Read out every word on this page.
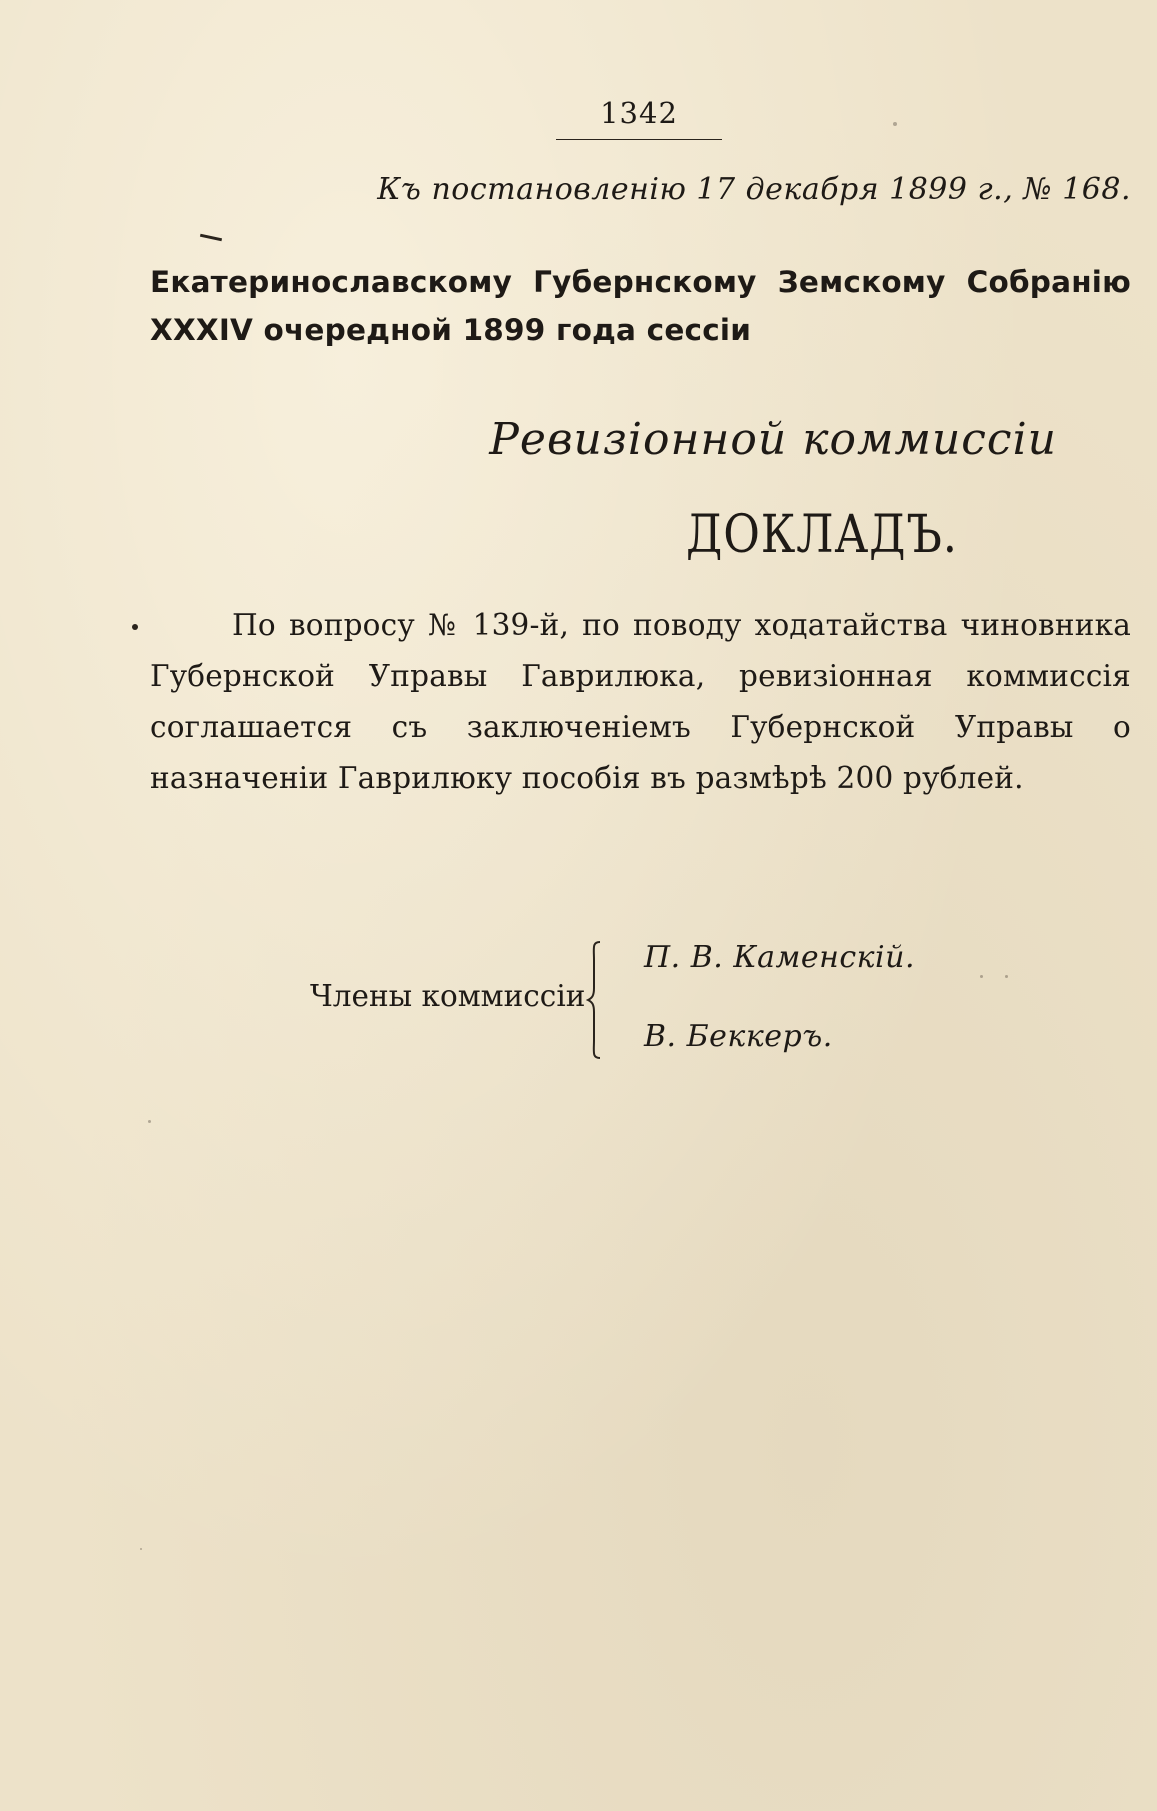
1342
Къ постановленію 17 декабря 1899 г., № 168.
Екатеринославскому Губернскому Земскому Собранію
XXXIV очередной 1899 года сессіи
Ревизіонной коммиссіи
ДОКЛАДЪ.
По вопросу № 139-й, по поводу ходатайства чиновника Губернской Управы Гаврилюка, ревизіонная коммиссія соглашается съ заключеніемъ Губернской Управы о назначеніи Гаврилюку пособія въ размѣрѣ 200 рублей.
Члены коммиссіи
П. В. Каменскій.
В. Беккеръ.
